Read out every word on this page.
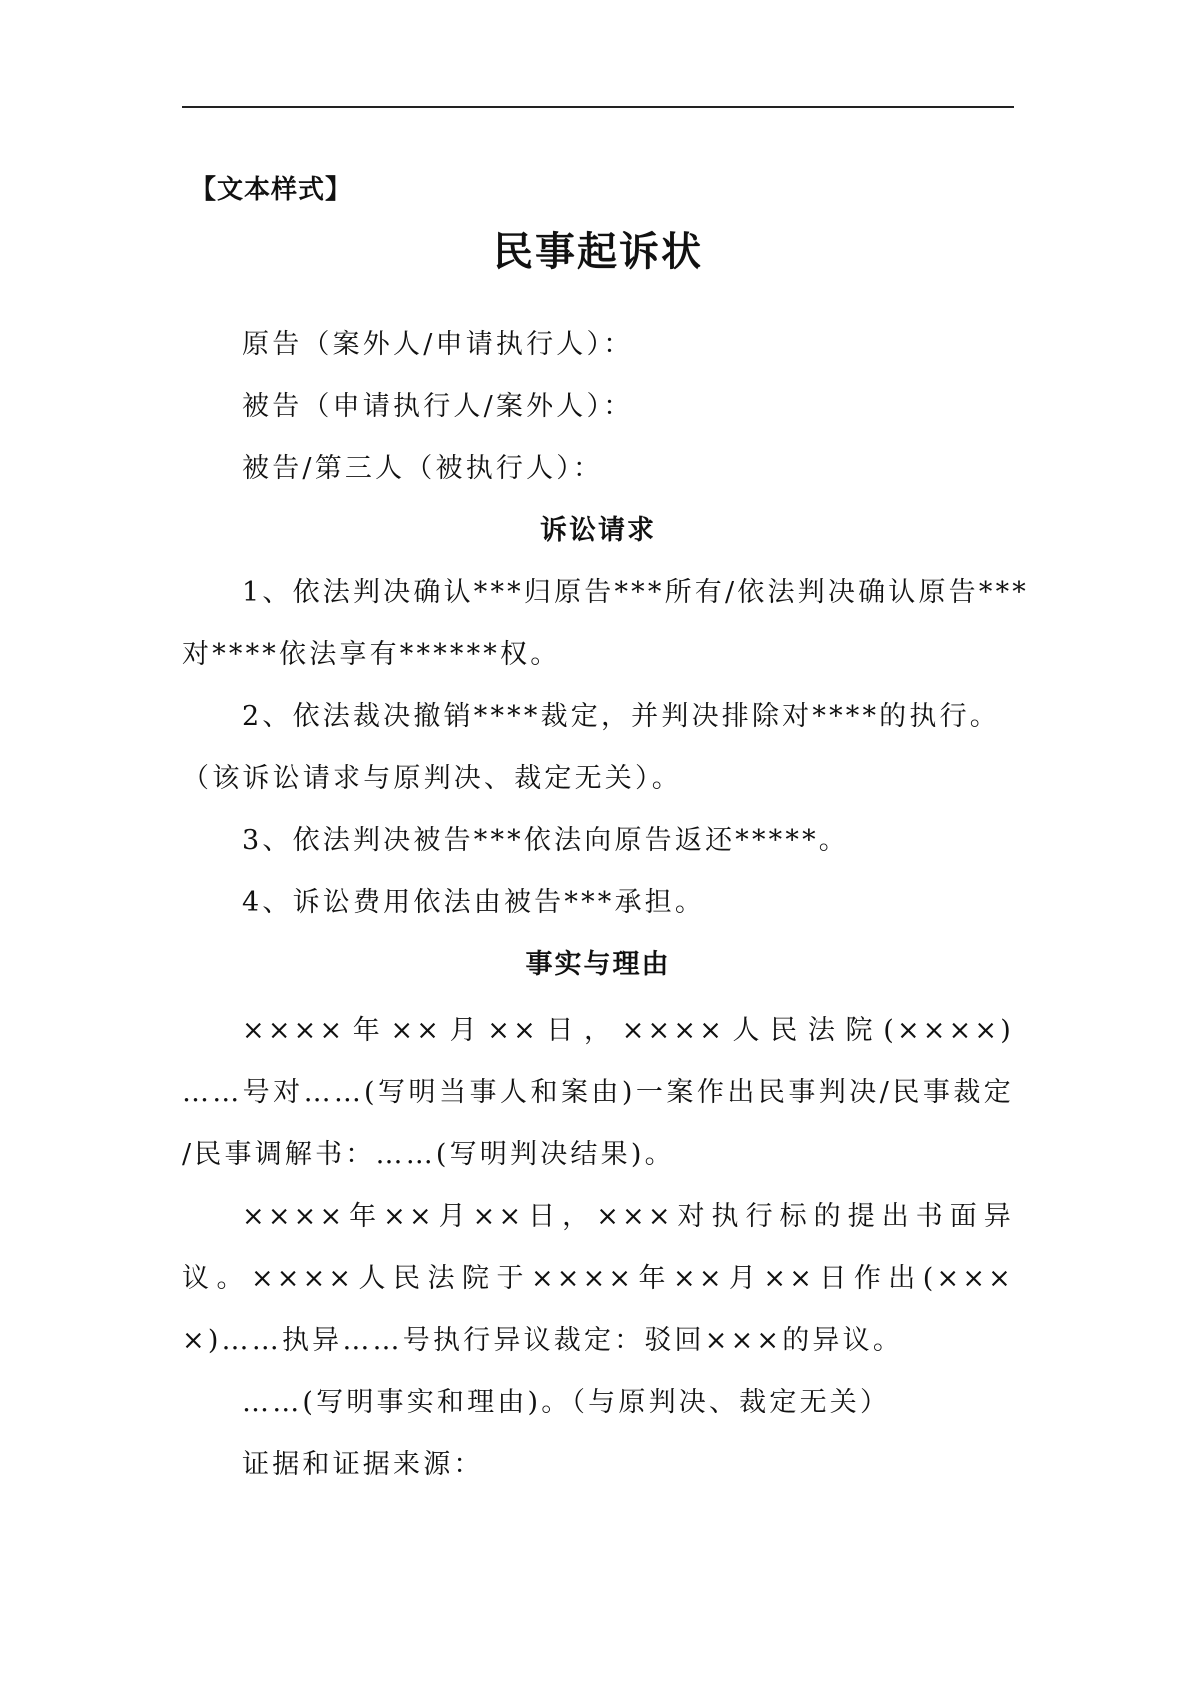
【文本样式】
民事起诉状
原告（案外人/申请执行人）：
被告（申请执行人/案外人）：
被告/第三人（被执行人）：
诉讼请求
1、依法判决确认***归原告***所有/依法判决确认原告***
对****依法享有******权。
2、依法裁决撤销****裁定，并判决排除对****的执行。
（该诉讼请求与原判决、裁定无关）。
3、依法判决被告***依法向原告返还*****。
4、诉讼费用依法由被告***承担。
事实与理由
××××年××月××日，××××人民法院(××××)
……号对……(写明当事人和案由)一案作出民事判决/民事裁定
/民事调解书：……(写明判决结果)。
××××年××月××日，×××对执行标的提出书面异
议。××××人民法院于××××年××月××日作出(×××
×)……执异……号执行异议裁定：驳回×××的异议。
……(写明事实和理由)。（与原判决、裁定无关）
证据和证据来源：
